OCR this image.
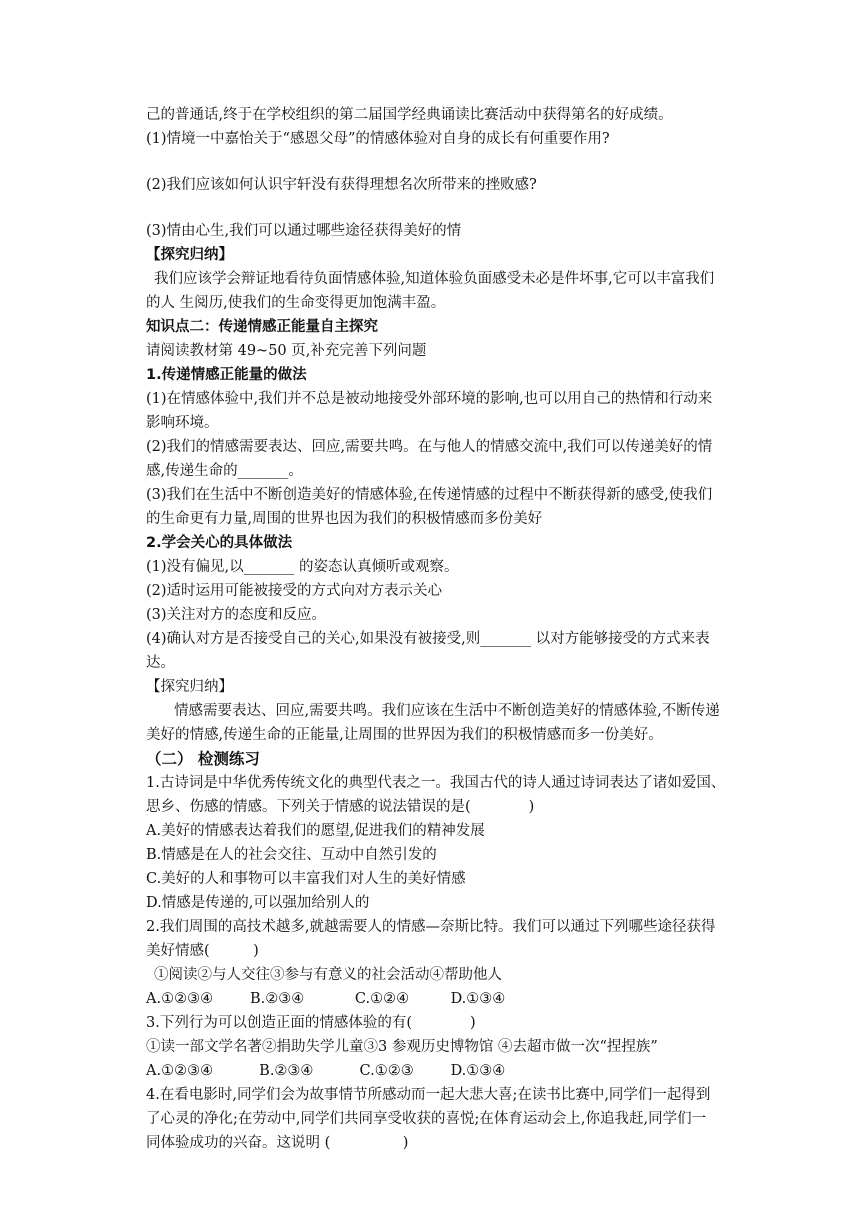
己的普通话,终于在学校组织的第二届国学经典诵读比赛活动中获得第名的好成绩。
(1)情境一中嘉怡关于“感恩父母”的情感体验对自身的成长有何重要作用?
(2)我们应该如何认识宇轩没有获得理想名次所带来的挫败感?
(3)情由心生,我们可以通过哪些途径获得美好的情
【探究归纳】
我们应该学会辩证地看待负面情感体验,知道体验负面感受未必是件坏事,它可以丰富我们
的人 生阅历,使我们的生命变得更加饱满丰盈。
知识点二：传递情感正能量自主探究
请阅读教材第 49~50 页,补充完善下列问题
1.传递情感正能量的做法
(1)在情感体验中,我们并不总是被动地接受外部环境的影响,也可以用自己的热情和行动来
影响环境。
(2)我们的情感需要表达、回应,需要共鸣。在与他人的情感交流中,我们可以传递美好的情
感,传递生命的_______。
(3)我们在生活中不断创造美好的情感体验,在传递情感的过程中不断获得新的感受,使我们
的生命更有力量,周围的世界也因为我们的积极情感而多份美好
2.学会关心的具体做法
(1)没有偏见,以_______ 的姿态认真倾听或观察。
(2)适时运用可能被接受的方式向对方表示关心
(3)关注对方的态度和反应。
(4)确认对方是否接受自己的关心,如果没有被接受,则_______ 以对方能够接受的方式来表
达。
【探究归纳】
情感需要表达、回应,需要共鸣。我们应该在生活中不断创造美好的情感体验,不断传递
美好的情感,传递生命的正能量,让周围的世界因为我们的积极情感而多一份美好。
（二） 检测练习
1.古诗词是中华优秀传统文化的典型代表之一。我国古代的诗人通过诗词表达了诸如爱国、
思乡、伤感的情感。下列关于情感的说法错误的是(　　　　)
A.美好的情感表达着我们的愿望,促进我们的精神发展
B.情感是在人的社会交往、互动中自然引发的
C.美好的人和事物可以丰富我们对人生的美好情感
D.情感是传递的,可以强加给别人的
2.我们周围的高技术越多,就越需要人的情感—奈斯比特。我们可以通过下列哪些途径获得
美好情感(　　　)
①阅读②与人交往③参与有意义的社会活动④帮助他人
A.①②③④        B.②③④           C.①②④         D.①③④
3.下列行为可以创造正面的情感体验的有(　　　　)
①读一部文学名著②捐助失学儿童③3 参观历史博物馆 ④去超市做一次“捏捏族”
A.①②③④          B.②③④          C.①②③        D.①③④
4.在看电影时,同学们会为故事情节所感动而一起大悲大喜;在读书比赛中,同学们一起得到
了心灵的净化;在劳动中,同学们共同享受收获的喜悦;在体育运动会上,你追我赶,同学们一
同体验成功的兴奋。这说明 (　　　　　)
